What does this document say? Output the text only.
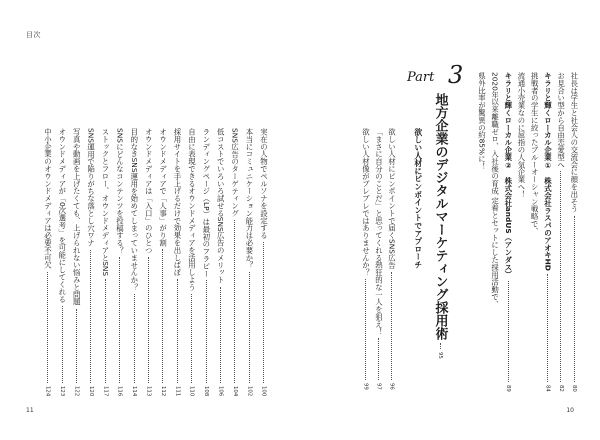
目次
中小企業のオウンドメディアは必要不可欠
124
オウンドメディアが「0次選考」を可能にしてくれる
123
写真や動画を上げたくても、上げられない悩みと問題
122
SNS運用で陥りがちな落とし穴ワナ
120
ストックとフロー、オウンドメディアとSNS
117
SNSにどんなコンテンツを投稿する？
116
目的なきSNS運用を始めてしまっていませんか？
114
オウンドメディアは「入口」のひとつ
113
オウンドメディアで「人事」がり割
112
採用サイトを手上げるだけで効果を出しばぼ
111
自由に表現できるオウンドメディアを活用しよう
110
ランディングページ（LP）は最初のフラピー
108
低コストでいろいろ試せるSNS広告のメリット
106
SNS広告のターゲティング
104
本当にコミュニケーション能力は必要か？
102
実在の人物でペルソナを設定する
100
11
欲しい人材像がブレブレではありませんか？
99
「まさに自分のことだ」と思ってくれる熱狂的な一人を狙え！
97
欲しい人材にピンポイントで届くSNS広告
96
Part 3
地方企業のデジタルマーケティング採用術
95
欲しい人材にピンポイントでアプローチ
県外比率が驚異の約85%に！ 2020年以来離職ゼロ、入社後の育成 定着とセットにした採用活動で、 キラリと輝くローカル企業②　株式会社andUS（アンダス）
89
流通小売業なのに屈指の人気企業へ！ 挑戦者の学生に絞ったブルーオーシャン戦略で、 キラリと輝くローカル企業①　株式会社ラスパのアオキHD
84
お見合い型から自由恋愛型へ
82
社長は学生と社会人の交流会に顔を出そう
80
10
